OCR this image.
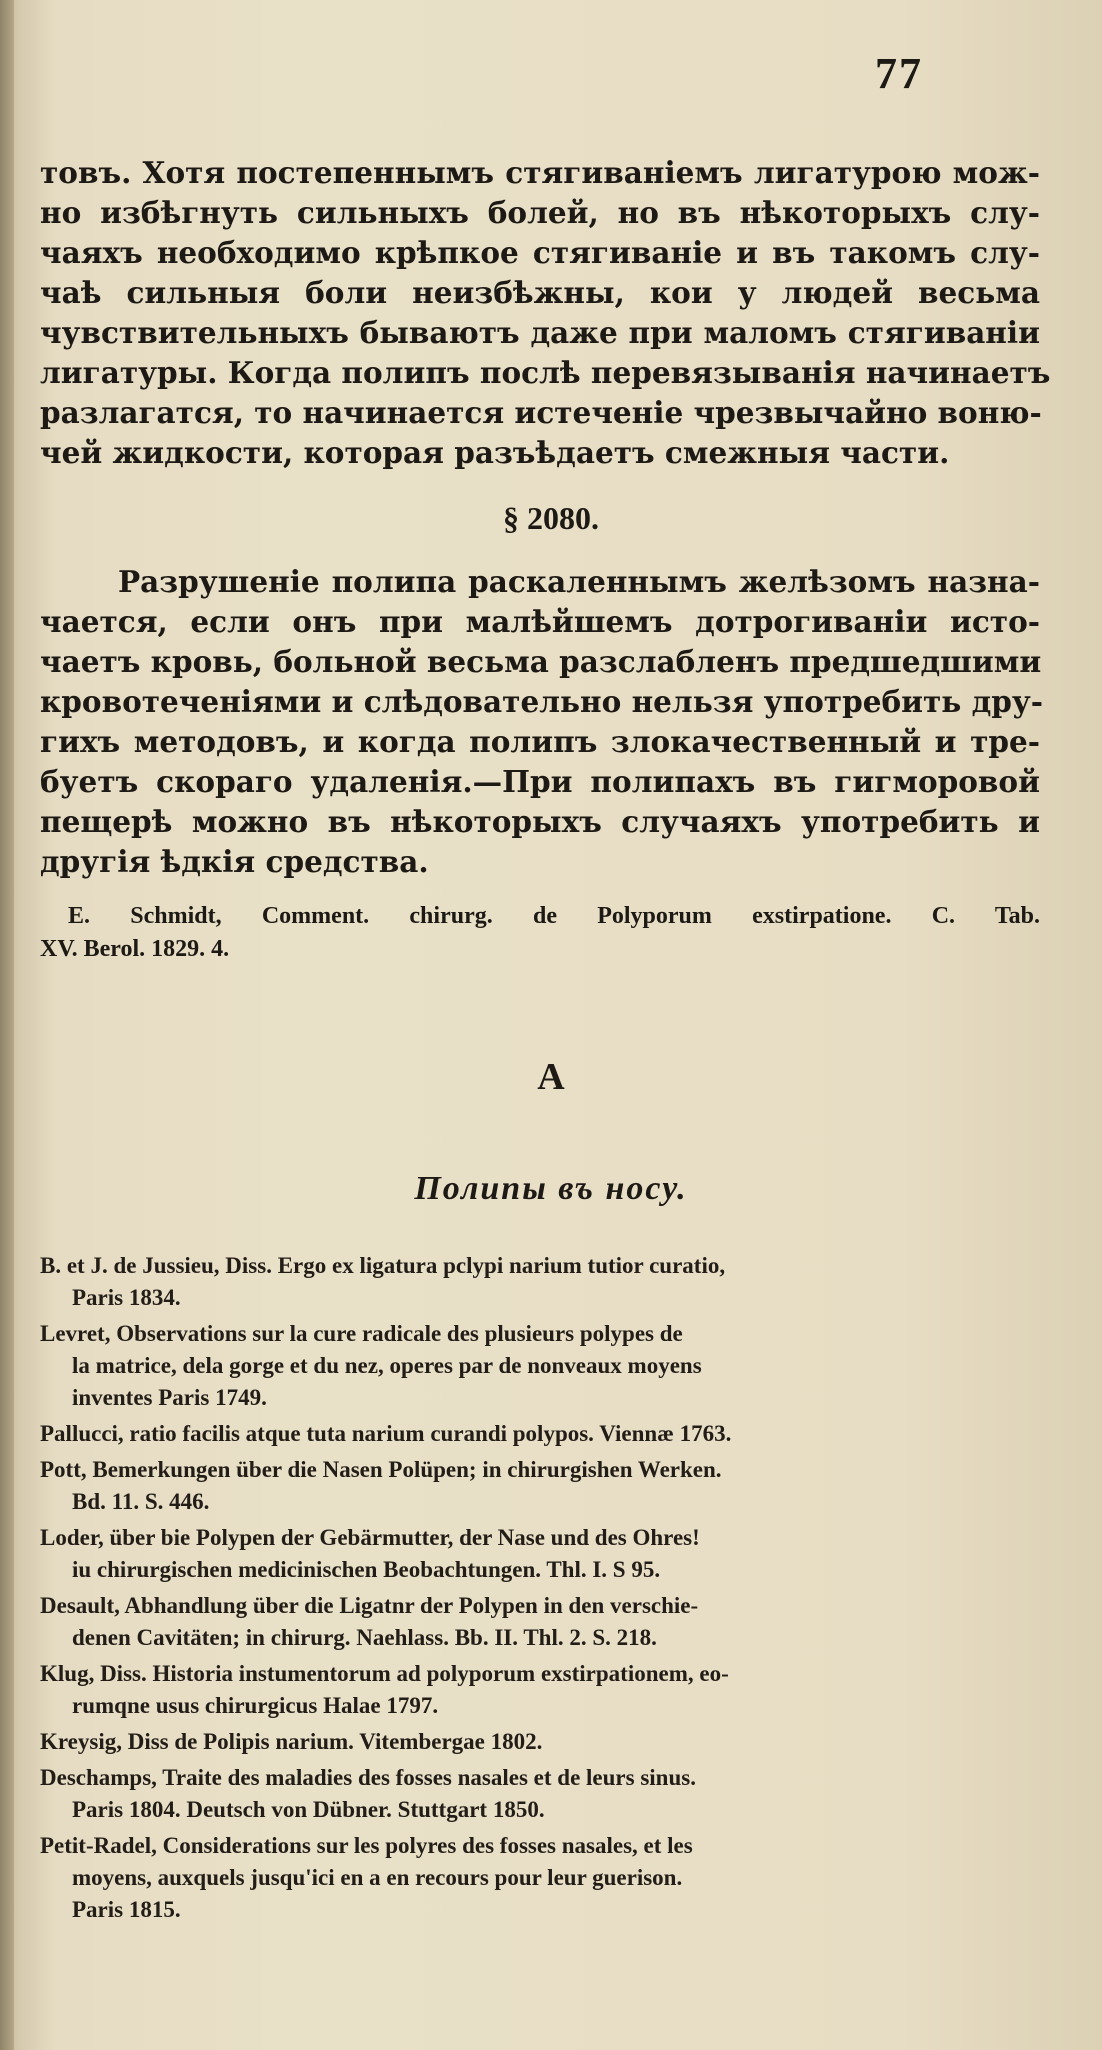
77
товъ. Хотя постепеннымъ стягиванiемъ лигатурою мож-
но избѣгнуть сильныхъ болей, но въ нѣкоторыхъ слу-
чаяхъ необходимо крѣпкое стягиванiе и въ такомъ слу-
чаѣ сильныя боли неизбѣжны, кои у людей весьма
чувствительныхъ бываютъ даже при маломъ стягиванiи
лигатуры. Когда полипъ послѣ перевязыванiя начинаетъ
разлагатся, то начинается истеченiе чрезвычайно воню-
чей жидкости, которая разъѣдаетъ смежныя части.
§ 2080.
Разрушенiе полипа раскаленнымъ желѣзомъ назна-
чается, если онъ при малѣйшемъ дотрогиванiи исто-
чаетъ кровь, больной весьма разслабленъ предшедшими
кровотеченiями и слѣдовательно нельзя употребить дру-
гихъ методовъ, и когда полипъ злокачественный и тре-
буетъ скораго удаленiя.—При полипахъ въ гигморовой
пещерѣ можно въ нѣкоторыхъ случаяхъ употребить и
другiя ѣдкiя средства.
E. Schmidt, Comment. chirurg. de Polyporum exstirpatione. C. Tab.
XV. Berol. 1829. 4.
A
Полипы въ носу.
B. et J. de Jussieu, Diss. Ergo ex ligatura pclypi narium tutior curatio,
Paris 1834.
Levret, Observations sur la cure radicale des plusieurs polypes de
la matrice, dela gorge et du nez, operes par de nonveaux moyens
inventes Paris 1749.
Pallucci, ratio facilis atque tuta narium curandi polypos. Viennæ 1763.
Pott, Bemerkungen über die Nasen Polüpen; in chirurgishen Werken.
Bd. 11. S. 446.
Loder, über bie Polypen der Gebärmutter, der Nase und des Ohres!
iu chirurgischen medicinischen Beobachtungen. Thl. I. S 95.
Desault, Abhandlung über die Ligatnr der Polypen in den verschie-
denen Cavitäten; in chirurg. Naehlass. Bb. II. Thl. 2. S. 218.
Klug, Diss. Historia instumentorum ad polyporum exstirpationem, eo-
rumqne usus chirurgicus Halae 1797.
Kreysig, Diss de Polipis narium. Vitembergae 1802.
Deschamps, Traite des maladies des fosses nasales et de leurs sinus.
Paris 1804. Deutsch von Dübner. Stuttgart 1850.
Petit-Radel, Considerations sur les polyres des fosses nasales, et les
moyens, auxquels jusqu'ici en a en recours pour leur guerison.
Paris 1815.
